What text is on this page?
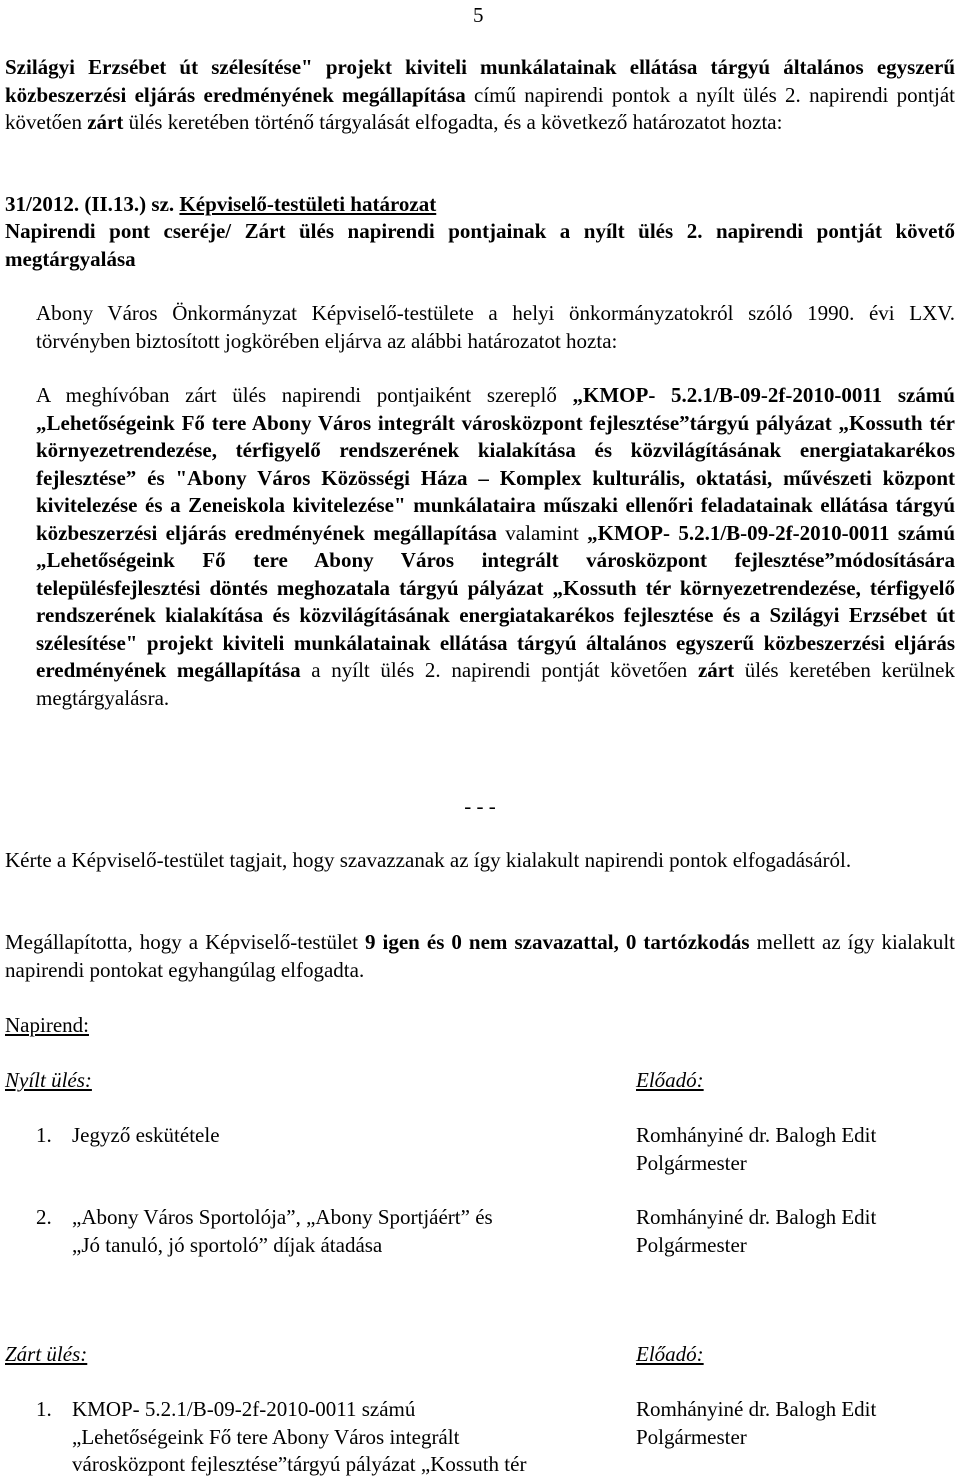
5
Szilágyi Erzsébet út szélesítése" projekt kiviteli munkálatainak ellátása tárgyú általános egyszerű közbeszerzési eljárás eredményének megállapítása című napirendi pontok a nyílt ülés 2. napirendi pontját követően zárt ülés keretében történő tárgyalását elfogadta, és a következő határozatot hozta:
31/2012. (II.13.) sz. Képviselő-testületi határozat
Napirendi pont cseréje/ Zárt ülés napirendi pontjainak a nyílt ülés 2. napirendi pontját követő megtárgyalása
Abony Város Önkormányzat Képviselő-testülete a helyi önkormányzatokról szóló 1990. évi LXV. törvényben biztosított jogkörében eljárva az alábbi határozatot hozta:
A meghívóban zárt ülés napirendi pontjaiként szereplő „KMOP- 5.2.1/B-09-2f-2010-0011 számú „Lehetőségeink Fő tere Abony Város integrált városközpont fejlesztése”tárgyú pályázat „Kossuth tér környezetrendezése, térfigyelő rendszerének kialakítása és közvilágításának energiatakarékos fejlesztése” és "Abony Város Közösségi Háza – Komplex kulturális, oktatási, művészeti központ kivitelezése és a Zeneiskola kivitelezése" munkálataira műszaki ellenőri feladatainak ellátása tárgyú közbeszerzési eljárás eredményének megállapítása valamint „KMOP- 5.2.1/B-09-2f-2010-0011 számú „Lehetőségeink Fő tere Abony Város integrált városközpont fejlesztése”módosítására településfejlesztési döntés meghozatala tárgyú pályázat „Kossuth tér környezetrendezése, térfigyelő rendszerének kialakítása és közvilágításának energiatakarékos fejlesztése és a Szilágyi Erzsébet út szélesítése" projekt kiviteli munkálatainak ellátása tárgyú általános egyszerű közbeszerzési eljárás eredményének megállapítása a nyílt ülés 2. napirendi pontját követően zárt ülés keretében kerülnek megtárgyalásra.
- - -
Kérte a Képviselő-testület tagjait, hogy szavazzanak az így kialakult napirendi pontok elfogadásáról.
Megállapította, hogy a Képviselő-testület 9 igen és 0 nem szavazattal, 0 tartózkodás mellett az így kialakult napirendi pontokat egyhangúlag elfogadta.
Napirend:
Nyílt ülés:	Előadó:
1. Jegyző eskütétele	Romhányiné dr. Balogh Edit
Polgármester
2. „Abony Város Sportolója”, „Abony Sportjáért” és
„Jó tanuló, jó sportoló” díjak átadása
Romhányiné dr. Balogh Edit
Polgármester
Zárt ülés:	Előadó:
1. KMOP- 5.2.1/B-09-2f-2010-0011 számú
„Lehetőségeink Fő tere Abony Város integrált
városközpont fejlesztése”tárgyú pályázat „Kossuth tér
Romhányiné dr. Balogh Edit
Polgármester
